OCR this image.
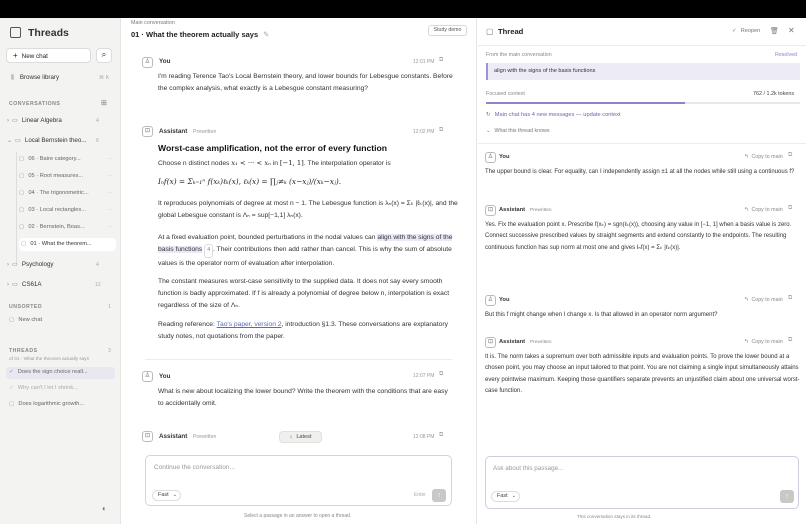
Threads
+ New chat	⌕
⫼ Browse library	⌘ K
CONVERSATIONS	⊞
› ▭ Linear Algebra	4
⌄ ▭ Local Bernstein theo... 6
▢ 06 · Baire category...	···
▢ 05 · Root measures...	···
▢ 04 · The trigonometric...	···
▢ 03 · Local rectangles...	···
▢ 02 · Bernstein, Boas...	···
▢ 01 · What the theorem...
› ▭ Psychology	4
› ▭ CS61A	12
UNSORTED	1
▢ New chat
THREADS	3
of 01 · What the theorem actually says
✓ Does the sign choice reall...
✓ Why can't I let I shrink...
▢ Does logarithmic growth...
◐
Main conversation
01 · What the theorem actually says ✎	Study demo
♙	You	12:01 PM ⧉
I'm reading Terence Tao's Local Bernstein theory, and lower bounds for Lebesgue constants. Before the complex analysis, what exactly is a Lebesgue constant measuring?
⊡	Assistant Prewritten	12:02 PM ⧉
Worst-case amplification, not the error of every function
Choose n distinct nodes x₁ < ··· < xₙ in [−1, 1]. The interpolation operator is
Iₙf(x) = Σₖ₌₁ⁿ f(xₖ)ℓₖ(x), ℓₖ(x) = ∏ⱼ≠ₖ (x−xⱼ)/(xₖ−xⱼ).
It reproduces polynomials of degree at most n − 1. The Lebesgue function is λₙ(x) = Σₖ |ℓₖ(x)|, and the global Lebesgue constant is Λₙ = sup[−1,1] λₙ(x).
At a fixed evaluation point, bounded perturbations in the nodal values can align with the signs of the basis functions 4 . Their contributions then add rather than cancel. This is why the sum of absolute values is the operator norm of evaluation after interpolation.
The constant measures worst-case sensitivity to the supplied data. It does not say every smooth function is badly approximated. If f is already a polynomial of degree below n, interpolation is exact regardless of the size of Λₙ.
Reading reference: Tao's paper, version 2, introduction §1.3. These conversations are explanatory study notes, not quotations from the paper.
♙	You	12:07 PM ⧉
What is new about localizing the lower bound? Write the theorem with the conditions that are easy to accidentally omit.
⊡	Assistant Prewritten	12:08 PM ⧉
↓ Latest
Continue the conversation...
Fast ⌄	Enter	↑
Select a passage in an answer to open a thread.
▢ Thread	✓ Reopen 🗑 ✕
From the main conversation	Resolved
align with the signs of the basis functions
Focused context	762 / 1.2k tokens
↻ Main chat has 4 new messages — update context
⌄ What this thread knows
♙	You	↰ Copy to main ⧉
The upper bound is clear. For equality, can I independently assign ±1 at all the nodes while still using a continuous f?
⊡	Assistant Prewritten	↰ Copy to main ⧉
Yes. Fix the evaluation point x. Prescribe f(xₖ) = sgn(ℓₖ(x)), choosing any value in [−1, 1] when a basis value is zero. Connect successive prescribed values by straight segments and extend constantly to the endpoints. The resulting continuous function has sup norm at most one and gives Iₙf(x) = Σₖ |ℓₖ(x)|.
♙	You	↰ Copy to main ⧉
But this f might change when I change x. Is that allowed in an operator norm argument?
⊡	Assistant Prewritten	↰ Copy to main ⧉
It is. The norm takes a supremum over both admissible inputs and evaluation points. To prove the lower bound at a chosen point, you may choose an input tailored to that point. You are not claiming a single input simultaneously attains every pointwise maximum. Keeping those quantifiers separate prevents an unjustified claim about one universal worst-case function.
Ask about this passage...
Fast ⌄	↑
This conversation stays in its thread.
